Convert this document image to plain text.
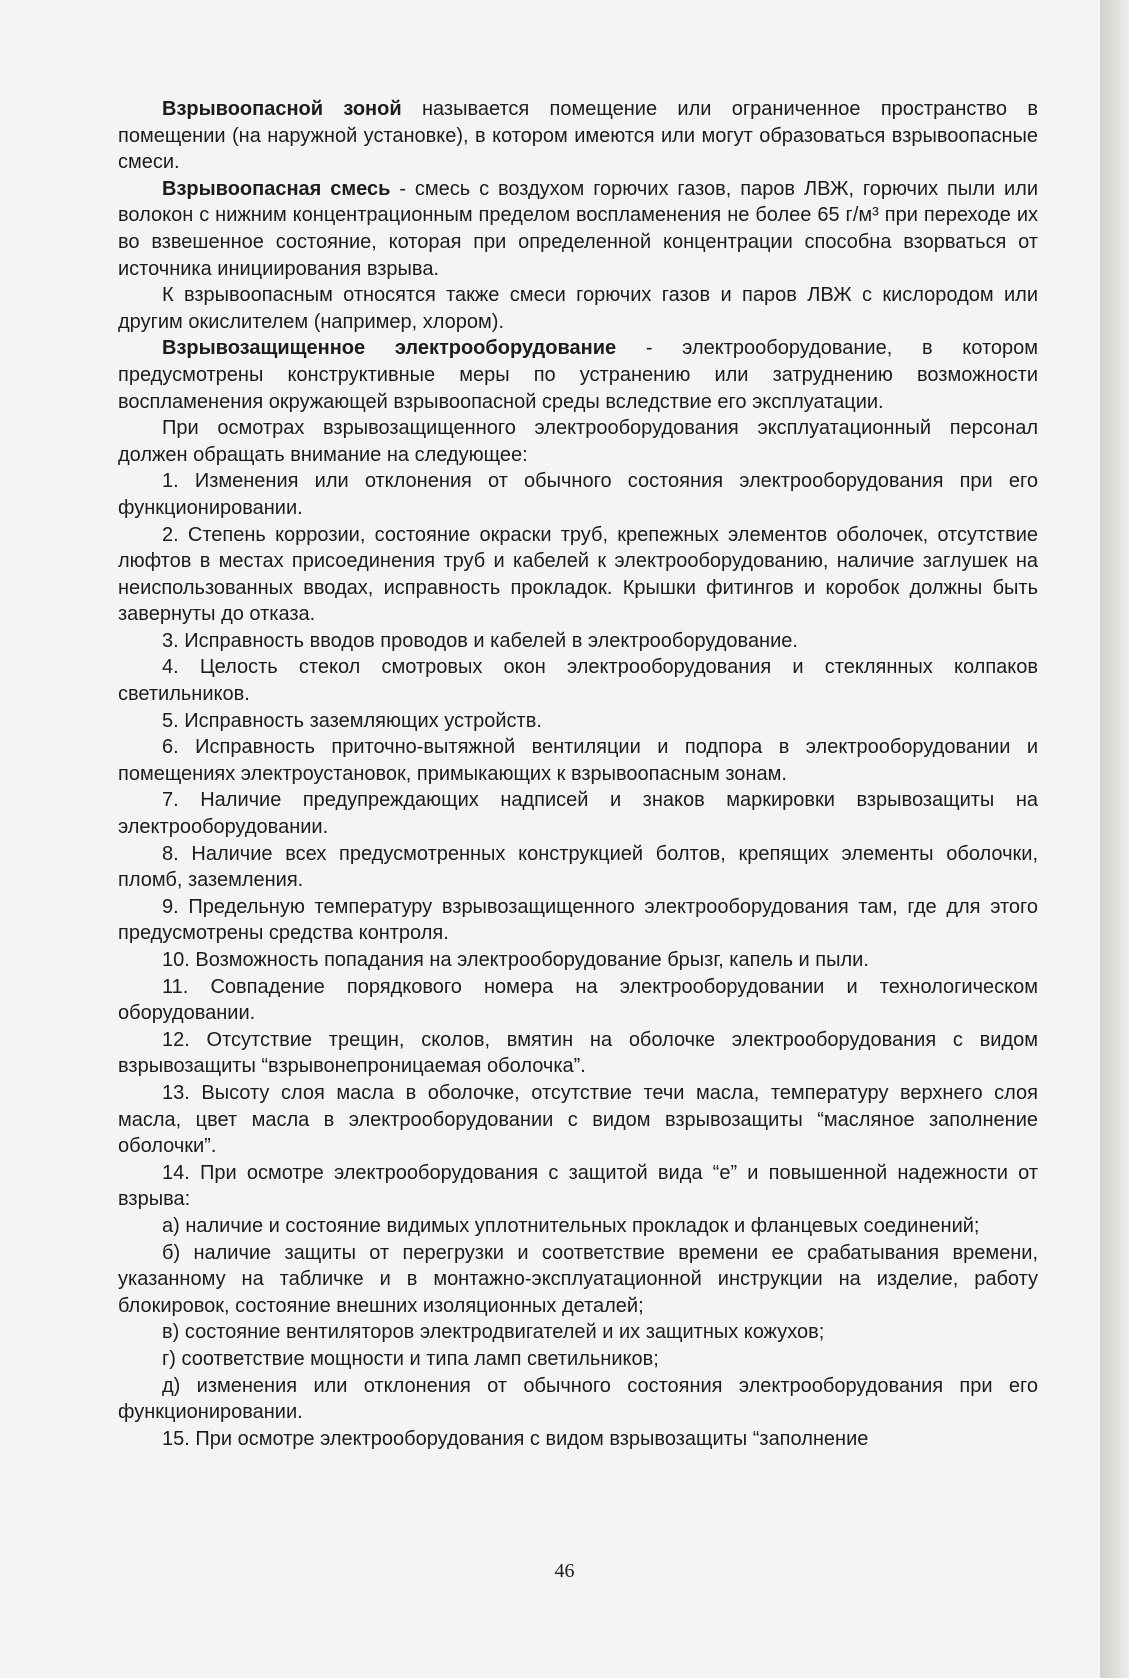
Взрывоопасной зоной называется помещение или ограниченное пространство в помещении (на наружной установке), в котором имеются или могут образоваться взрывоопасные смеси.

Взрывоопасная смесь - смесь с воздухом горючих газов, паров ЛВЖ, горючих пыли или волокон с нижним концентрационным пределом воспламенения не более 65 г/м³ при переходе их во взвешенное состояние, которая при определенной концентрации способна взорваться от источника инициирования взрыва.

К взрывоопасным относятся также смеси горючих газов и паров ЛВЖ с кислородом или другим окислителем (например, хлором).

Взрывозащищенное электрооборудование - электрооборудование, в котором предусмотрены конструктивные меры по устранению или затруднению возможности воспламенения окружающей взрывоопасной среды вследствие его эксплуатации.

При осмотрах взрывозащищенного электрооборудования эксплуатационный персонал должен обращать внимание на следующее:

1. Изменения или отклонения от обычного состояния электрооборудования при его функционировании.

2. Степень коррозии, состояние окраски труб, крепежных элементов оболочек, отсутствие люфтов в местах присоединения труб и кабелей к электрооборудованию, наличие заглушек на неиспользованных вводах, исправность прокладок. Крышки фитингов и коробок должны быть завернуты до отказа.

3. Исправность вводов проводов и кабелей в электрооборудование.

4. Целость стекол смотровых окон электрооборудования и стеклянных колпаков светильников.

5. Исправность заземляющих устройств.

6. Исправность приточно-вытяжной вентиляции и подпора в электрооборудовании и помещениях электроустановок, примыкающих к взрывоопасным зонам.

7. Наличие предупреждающих надписей и знаков маркировки взрывозащиты на электрооборудовании.

8. Наличие всех предусмотренных конструкцией болтов, крепящих элементы оболочки, пломб, заземления.

9. Предельную температуру взрывозащищенного электрооборудования там, где для этого предусмотрены средства контроля.

10. Возможность попадания на электрооборудование брызг, капель и пыли.

11. Совпадение порядкового номера на электрооборудовании и технологическом оборудовании.

12. Отсутствие трещин, сколов, вмятин на оболочке электрооборудования с видом взрывозащиты “взрывонепроницаемая оболочка”.

13. Высоту слоя масла в оболочке, отсутствие течи масла, температуру верхнего слоя масла, цвет масла в электрооборудовании с видом взрывозащиты “масляное заполнение оболочки”.

14. При осмотре электрооборудования с защитой вида “е” и повышенной надежности от взрыва:

а) наличие и состояние видимых уплотнительных прокладок и фланцевых соединений;

б) наличие защиты от перегрузки и соответствие времени ее срабатывания времени, указанному на табличке и в монтажно-эксплуатационной инструкции на изделие, работу блокировок, состояние внешних изоляционных деталей;

в) состояние вентиляторов электродвигателей и их защитных кожухов;

г) соответствие мощности и типа ламп светильников;

д) изменения или отклонения от обычного состояния электрооборудования при его функционировании.

15. При осмотре электрооборудования с видом взрывозащиты “заполнение

46
